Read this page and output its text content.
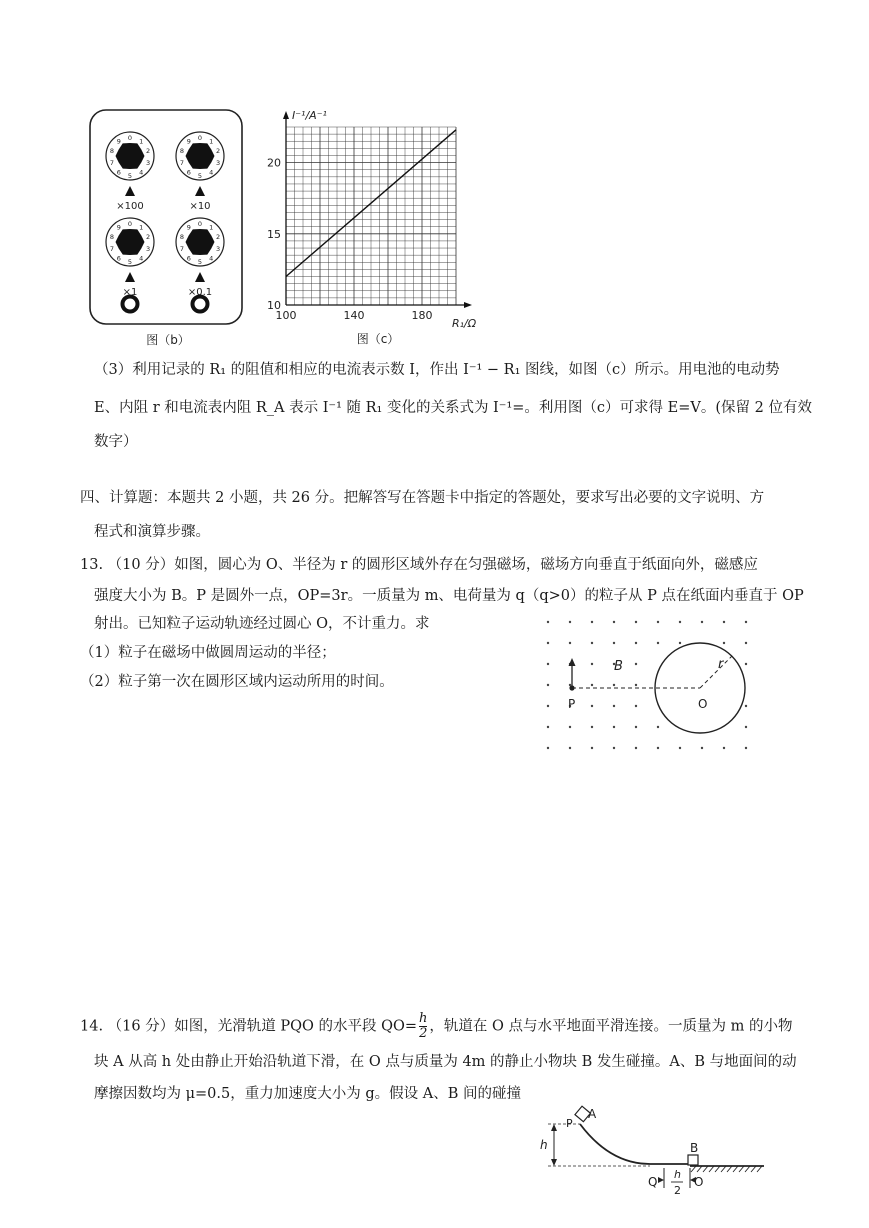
0 1
2
3
4
5
6
7
8
9
×100
0 1
2
3
4
5
6
7
8
9
×10
0 1
2
3
4
5
6
7
8
9
×1
0 1
2
3
4
5
6
7
8
9
×0.1
图（b）
100	140	180
10
15
20
I⁻¹/A⁻¹
R₁/Ω
图（c）
（3）利用记录的 R₁ 的阻值和相应的电流表示数 I，作出 I⁻¹ − R₁ 图线，如图（c）所示。用电池的电动势
E、内阻 r 和电流表内阻 R_A 表示 I⁻¹ 随 R₁ 变化的关系式为 I⁻¹=。利用图（c）可求得 E=V。(保留 2 位有效
数字）
四、计算题：本题共 2 小题，共 26 分。把解答写在答题卡中指定的答题处，要求写出必要的文字说明、方
程式和演算步骤。
13. （10 分）如图，圆心为 O、半径为 r 的圆形区域外存在匀强磁场，磁场方向垂直于纸面向外，磁感应
强度大小为 B。P 是圆外一点，OP=3r。一质量为 m、电荷量为 q（q>0）的粒子从 P 点在纸面内垂直于 OP
射出。已知粒子运动轨迹经过圆心 O，不计重力。求
（1）粒子在磁场中做圆周运动的半径；
（2）粒子第一次在圆形区域内运动所用的时间。
B	r
P	O
14. （16 分）如图，光滑轨道 PQO 的水平段 $QO= \frac{h}{2}$ ，轨道在 O 点与水平地面平滑连接。一质量为 m 的小物
块 A 从高 h 处由静止开始沿轨道下滑，在 O 点与质量为 4m 的静止小物块 B 发生碰撞。A、B 与地面间的动
摩擦因数均为 μ=0.5，重力加速度大小为 g。假设 A、B 间的碰撞
P
A
h	B
Q	O
h
2
